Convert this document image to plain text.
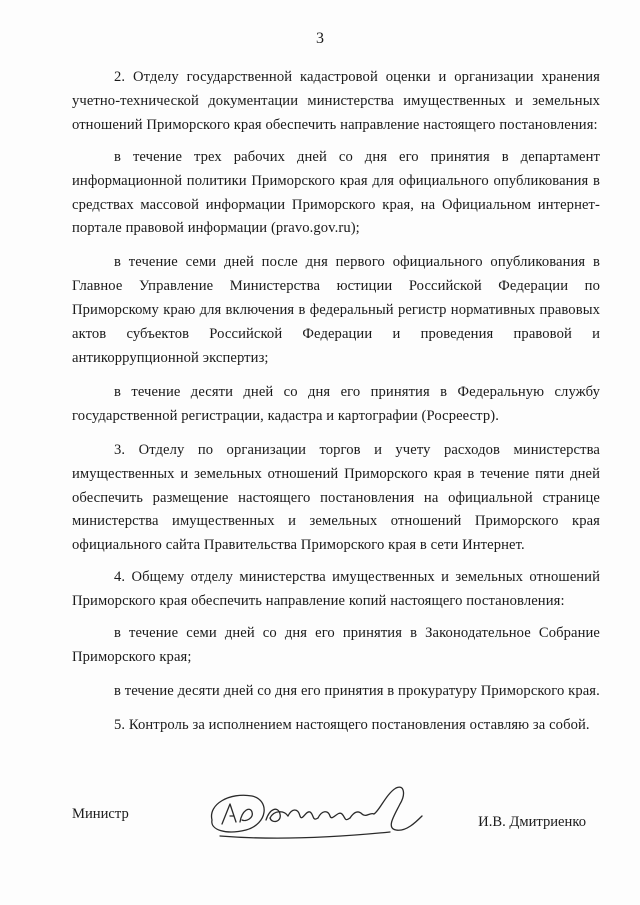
3

2. Отделу государственной кадастровой оценки и организации хранения учетно-технической документации министерства имущественных и земельных отношений Приморского края обеспечить направление настоящего постановления:

в течение трех рабочих дней со дня его принятия в департамент информационной политики Приморского края для официального опубликования в средствах массовой информации Приморского края, на Официальном интернет-портале правовой информации (pravo.gov.ru);

в течение семи дней после дня первого официального опубликования в Главное Управление Министерства юстиции Российской Федерации по Приморскому краю для включения в федеральный регистр нормативных правовых актов субъектов Российской Федерации и проведения правовой и антикоррупционной экспертиз;

в течение десяти дней со дня его принятия в Федеральную службу государственной регистрации, кадастра и картографии (Росреестр).

3. Отделу по организации торгов и учету расходов министерства имущественных и земельных отношений Приморского края в течение пяти дней обеспечить размещение настоящего постановления на официальной странице министерства имущественных и земельных отношений Приморского края официального сайта Правительства Приморского края в сети Интернет.

4. Общему отделу министерства имущественных и земельных отношений Приморского края обеспечить направление копий настоящего постановления:

в течение семи дней со дня его принятия в Законодательное Собрание Приморского края;

в течение десяти дней со дня его принятия в прокуратуру Приморского края.

5. Контроль за исполнением настоящего постановления оставляю за собой.

Министр	И.В. Дмитриенко
